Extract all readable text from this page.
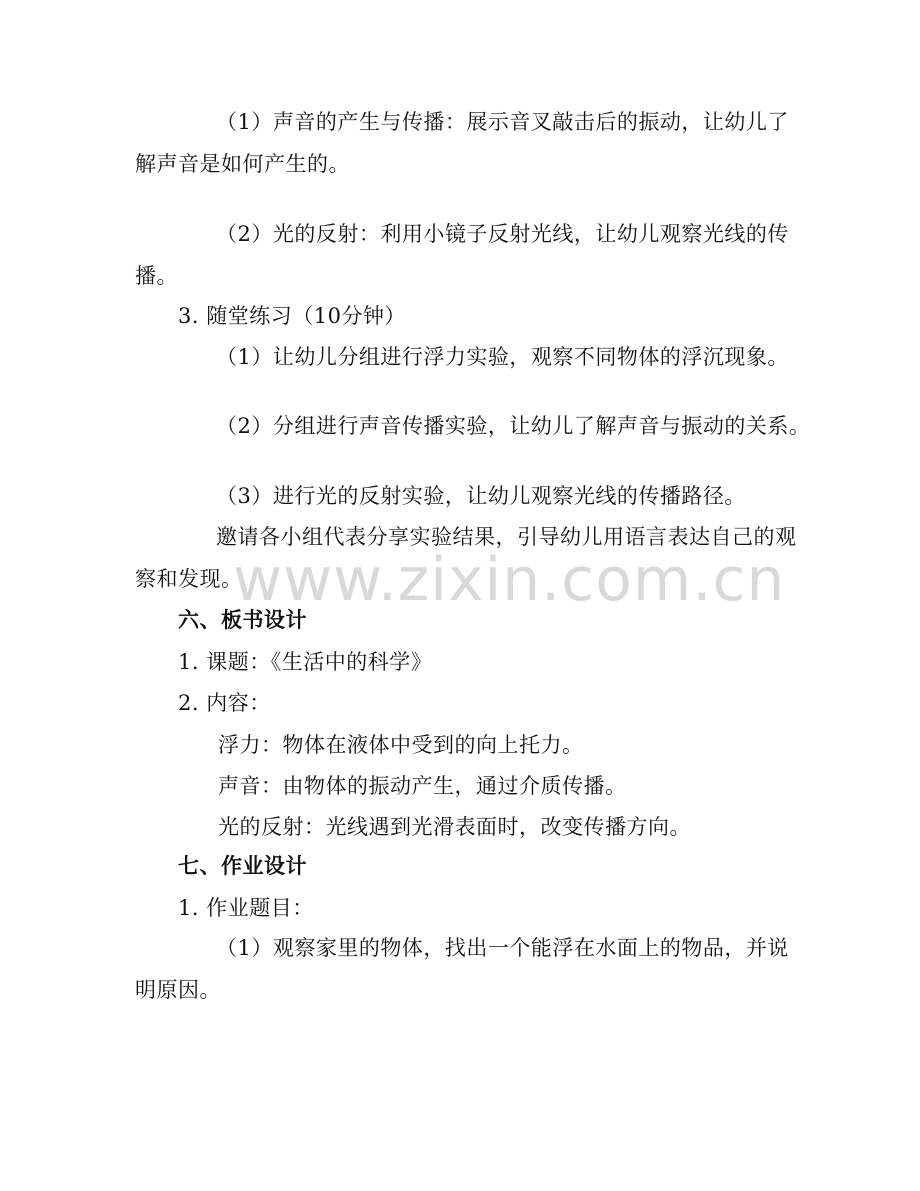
www.zixin.com.cn
（1）声音的产生与传播：展示音叉敲击后的振动，让幼儿了
解声音是如何产生的。
（2）光的反射：利用小镜子反射光线，让幼儿观察光线的传
播。
3. 随堂练习（10分钟）
（1）让幼儿分组进行浮力实验，观察不同物体的浮沉现象。
（2）分组进行声音传播实验，让幼儿了解声音与振动的关系。
（3）进行光的反射实验，让幼儿观察光线的传播路径。
邀请各小组代表分享实验结果，引导幼儿用语言表达自己的观
察和发现。
六、板书设计
1. 课题：《生活中的科学》
2. 内容：
浮力：物体在液体中受到的向上托力。
声音：由物体的振动产生，通过介质传播。
光的反射：光线遇到光滑表面时，改变传播方向。
七、作业设计
1. 作业题目：
（1）观察家里的物体，找出一个能浮在水面上的物品，并说
明原因。
